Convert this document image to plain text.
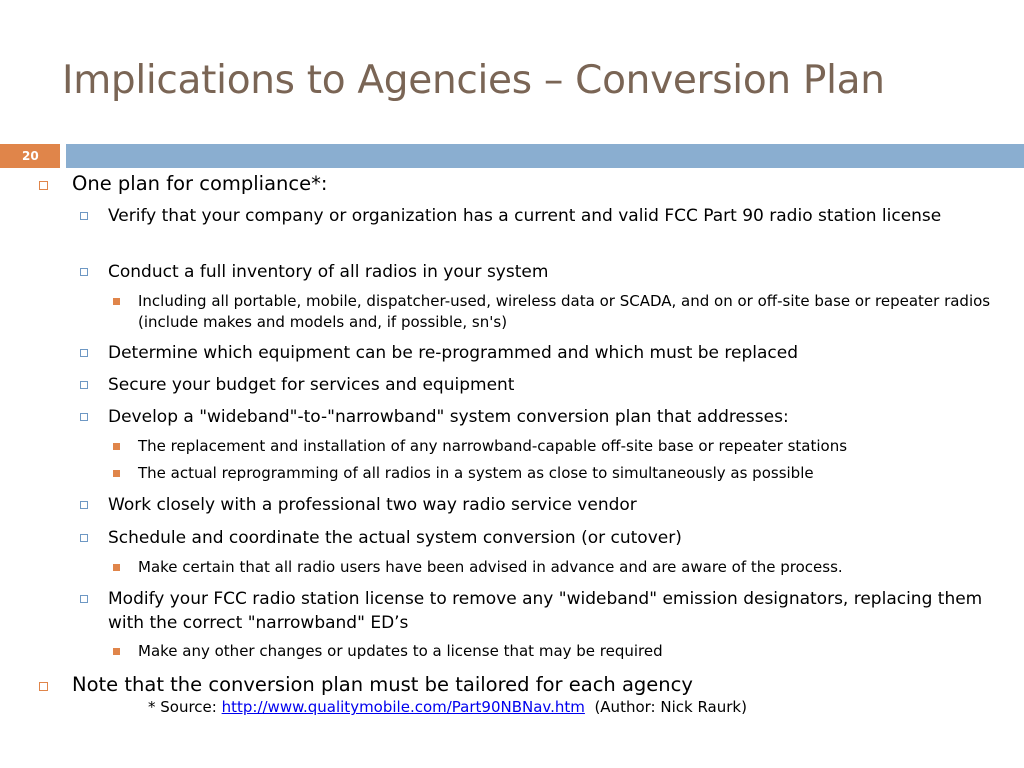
Implications to Agencies – Conversion Plan
20
One plan for compliance*:
Verify that your company or organization has a current and valid FCC Part 90 radio station license
Conduct a full inventory of all radios in your system
Including all portable, mobile, dispatcher-used, wireless data or SCADA, and on or off-site base or repeater radios (include makes and models and, if possible, sn's)
Determine which equipment can be re-programmed and which must be replaced
Secure your budget for services and equipment
Develop a "wideband"-to-"narrowband" system conversion plan that addresses:
The replacement and installation of any narrowband-capable off-site base or repeater stations
The actual reprogramming of all radios in a system as close to simultaneously as possible
Work closely with a professional two way radio service vendor
Schedule and coordinate the actual system conversion (or cutover)
Make certain that all radio users have been advised in advance and are aware of the process.
Modify your FCC radio station license to remove any "wideband" emission designators, replacing them with the correct "narrowband" ED’s
Make any other changes or updates to a license that may be required
Note that the conversion plan must be tailored for each agency
* Source: http://www.qualitymobile.com/Part90NBNav.htm  (Author: Nick Raurk)
